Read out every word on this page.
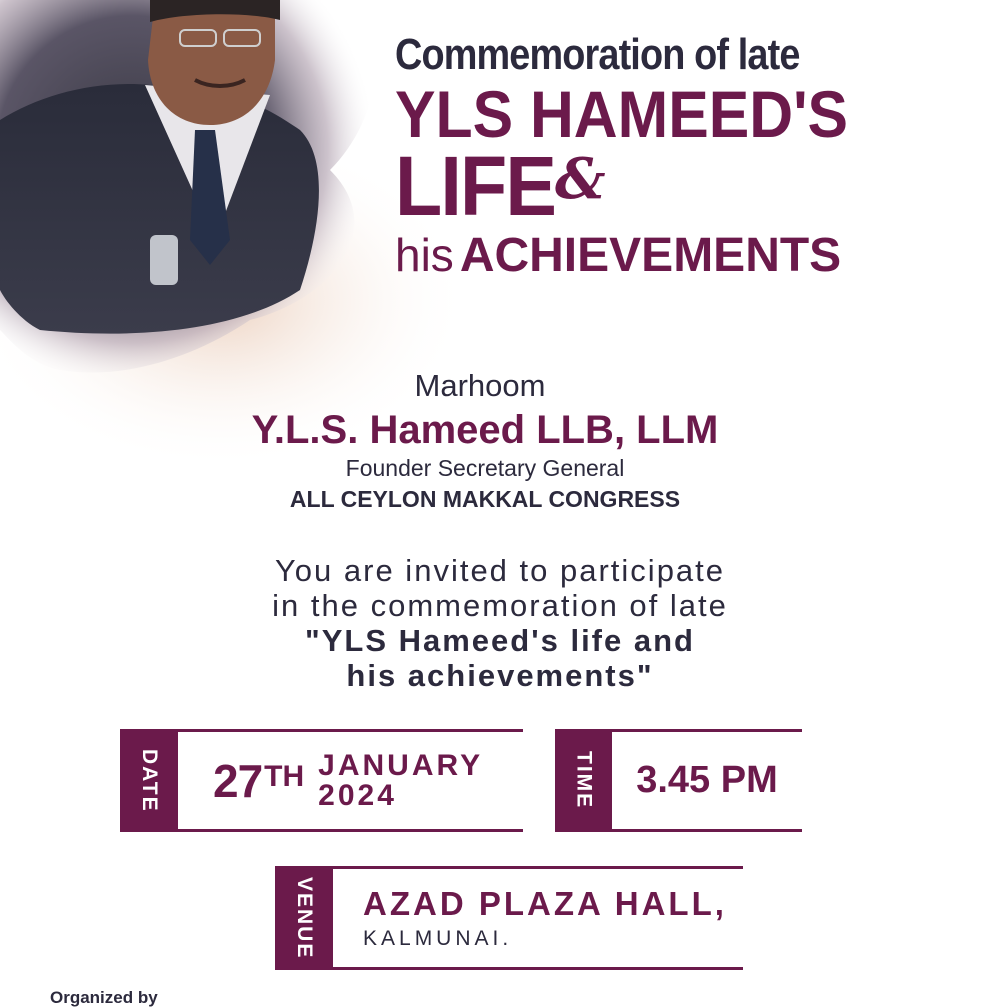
Commemoration of late
YLS HAMEED'S
LIFE &
his ACHIEVEMENTS
Marhoom
Y.L.S. Hameed LLB, LLM
Founder Secretary General
ALL CEYLON MAKKAL CONGRESS
You are invited to participate
in the commemoration of late
"YLS Hameed's life and
his achievements"
DATE 27 TH JANUARY
2024	TIME 3.45 PM
VENUE AZAD PLAZA HALL,
KALMUNAI.
Organized by
